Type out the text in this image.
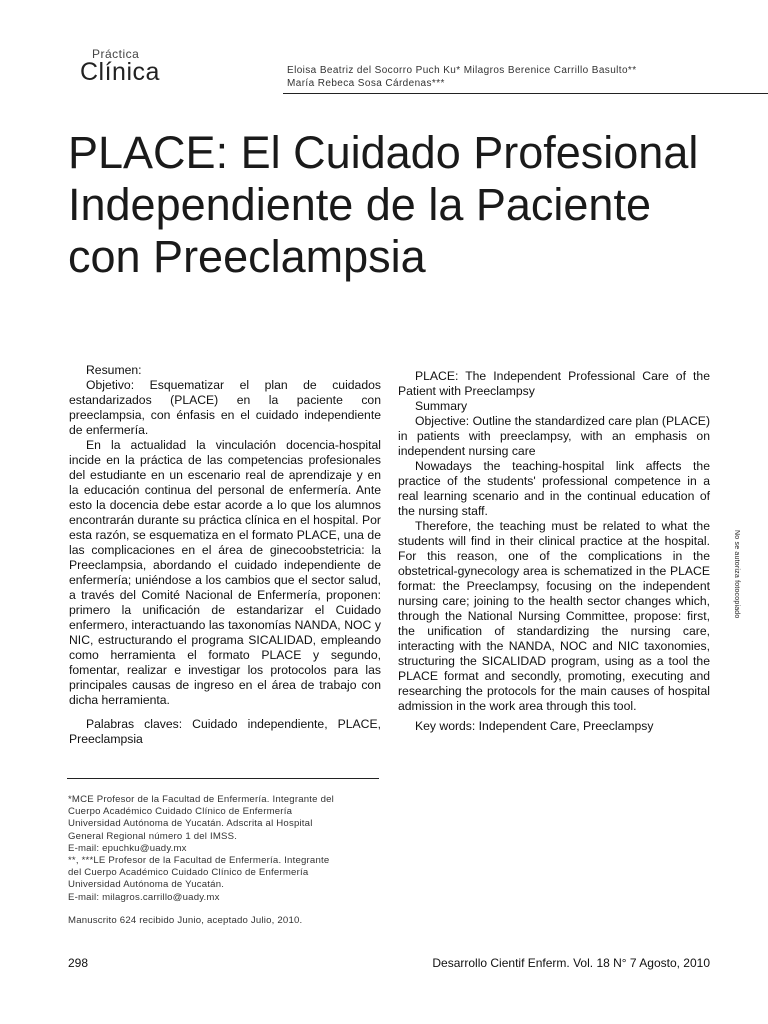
Práctica
Clínica	Eloisa Beatriz del Socorro Puch Ku* Milagros Berenice Carrillo Basulto**
María Rebeca Sosa Cárdenas***
PLACE: El Cuidado Profesional Independiente de la Paciente con Preeclampsia

Resumen:

Objetivo: Esquematizar el plan de cuidados estandarizados (PLACE) en la paciente con preeclampsia, con énfasis en el cuidado independiente de enfermería.

En la actualidad la vinculación docencia-hospital incide en la práctica de las competencias profesionales del estudiante en un escenario real de aprendizaje y en la educación continua del personal de enfermería. Ante esto la docencia debe estar acorde a lo que los alumnos encontrarán durante su práctica clínica en el hospital. Por esta razón, se esquematiza en el formato PLACE, una de las complicaciones en el área de ginecoobstetricia: la Preeclampsia, abordando el cuidado independiente de enfermería; uniéndose a los cambios que el sector salud, a través del Comité Nacional de Enfermería, proponen: primero la unificación de estandarizar el Cuidado enfermero, interactuando las taxonomías NANDA, NOC y NIC, estructurando el programa SICALIDAD, empleando como herramienta el formato PLACE y segundo, fomentar, realizar e investigar los protocolos para las principales causas de ingreso en el área de trabajo con dicha herramienta.

Palabras claves: Cuidado independiente, PLACE, Preeclampsia

PLACE: The Independent Professional Care of the Patient with Preeclampsy

Summary

Objective: Outline the standardized care plan (PLACE) in patients with preeclampsy, with an emphasis on independent nursing care

Nowadays the teaching-hospital link affects the practice of the students' professional competence in a real learning scenario and in the continual education of the nursing staff.

Therefore, the teaching must be related to what the students will find in their clinical practice at the hospital. For this reason, one of the complications in the obstetrical-gynecology area is schematized in the PLACE format: the Preeclampsy, focusing on the independent nursing care; joining to the health sector changes which, through the National Nursing Committee, propose: first, the unification of standardizing the nursing care, interacting with the NANDA, NOC and NIC taxonomies, structuring the SICALIDAD program, using as a tool the PLACE format and secondly, promoting, executing and researching the protocols for the main causes of hospital admission in the work area through this tool.

Key words: Independent Care, Preeclampsy

*MCE Profesor de la Facultad de Enfermería. Integrante del
Cuerpo Académico Cuidado Clínico de Enfermería
Universidad Autónoma de Yucatán. Adscrita al Hospital
General Regional número 1 del IMSS.
E-mail: epuchku@uady.mx
**, ***LE Profesor de la Facultad de Enfermería. Integrante
del Cuerpo Académico Cuidado Clínico de Enfermería
Universidad Autónoma de Yucatán.
E-mail: milagros.carrillo@uady.mx
Manuscrito 624 recibido Junio, aceptado Julio, 2010.
298	Desarrollo Cientif Enferm. Vol. 18 N° 7 Agosto, 2010
No se autoriza fotocopiado
